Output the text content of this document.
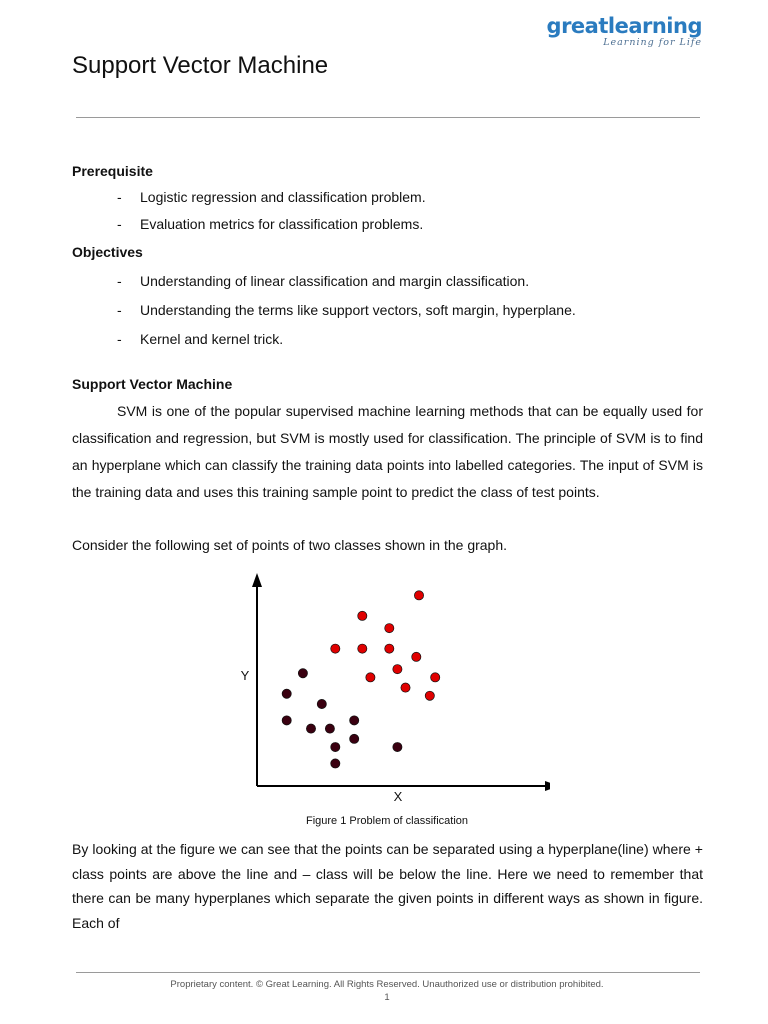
greatlearning
Learning for Life
Support Vector Machine
Prerequisite
- Logistic regression and classification problem.
- Evaluation metrics for classification problems.
Objectives
- Understanding of linear classification and margin classification.
- Understanding the terms like support vectors, soft margin, hyperplane.
- Kernel and kernel trick.
Support Vector Machine

SVM is one of the popular supervised machine learning methods that can be equally used for classification and regression, but SVM is mostly used for classification. The principle of SVM is to find an hyperplane which can classify the training data points into labelled categories. The input of SVM is the training data and uses this training sample point to predict the class of test points.

Consider the following set of points of two classes shown in the graph.

X
Y
Figure 1 Problem of classification

By looking at the figure we can see that the points can be separated using a hyperplane(line) where + class points are above the line and – class will be below the line. Here we need to remember that there can be many hyperplanes which separate the given points in different ways as shown in figure. Each of

Proprietary content. © Great Learning. All Rights Reserved. Unauthorized use or distribution prohibited.
1
